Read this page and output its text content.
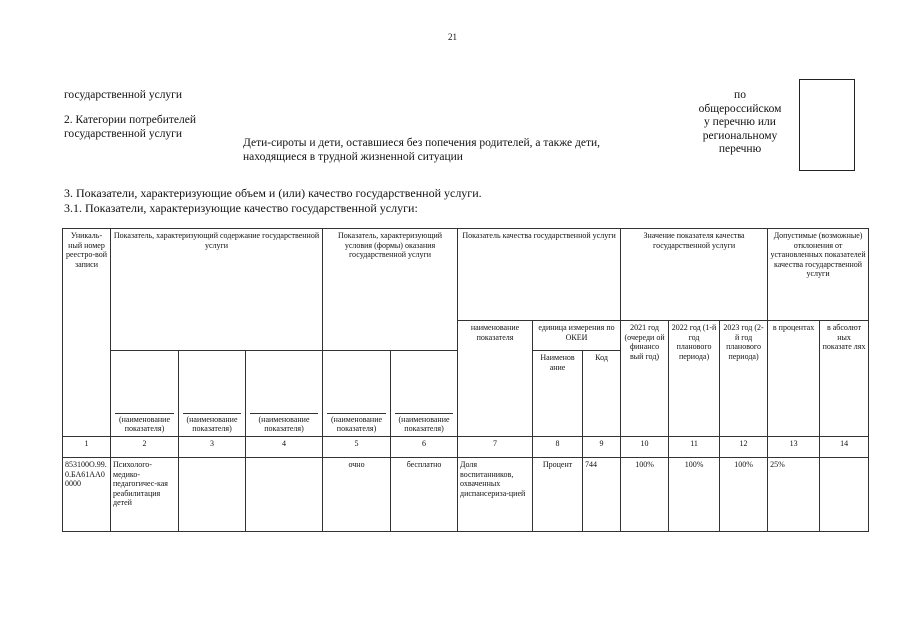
21
государственной услуги
2. Категории потребителей
государственной услуги
Дети-сироты и дети, оставшиеся без попечения родителей, а также дети,
находящиеся в трудной жизненной ситуации
по
общероссийском
у перечню или
региональному
перечню
3. Показатели, характеризующие объем и (или) качество государственной услуги.
3.1. Показатели, характеризующие качество государственной услуги:
Уникаль-ный номер реестро-вой записи	Показатель, характеризующий содержание государственной услуги			Показатель, характеризующий условия (формы) оказания государственной услуги		Показатель качества государственной услуги			Значение показателя качества государственной услуги			Допустимые (возможные) отклонения от установленных показателей качества государственной услуги	
						наименование показателя	единица измерения по ОКЕИ		2021 год (очереди ой финансо вый год)	2022 год (1-й год планового периода)	2023 год (2-й год планового периода)	в процентах	в абсолют ных показате лях

	(наименование показателя)	(наименование показателя)	(наименование показателя)	(наименование показателя)	(наименование показателя)		Наименов ание	Код					
1	2	3	4	5	6	7	8	9	10	11	12	13	14
853100О.99.0.БА61АА00000	Психолого-медико-педагогичес-кая реабилитация детей			очно	бесплатно	Доля воспитанников, охваченных диспансериза-цией	Процент	744	100%	100%	100%	25%	
